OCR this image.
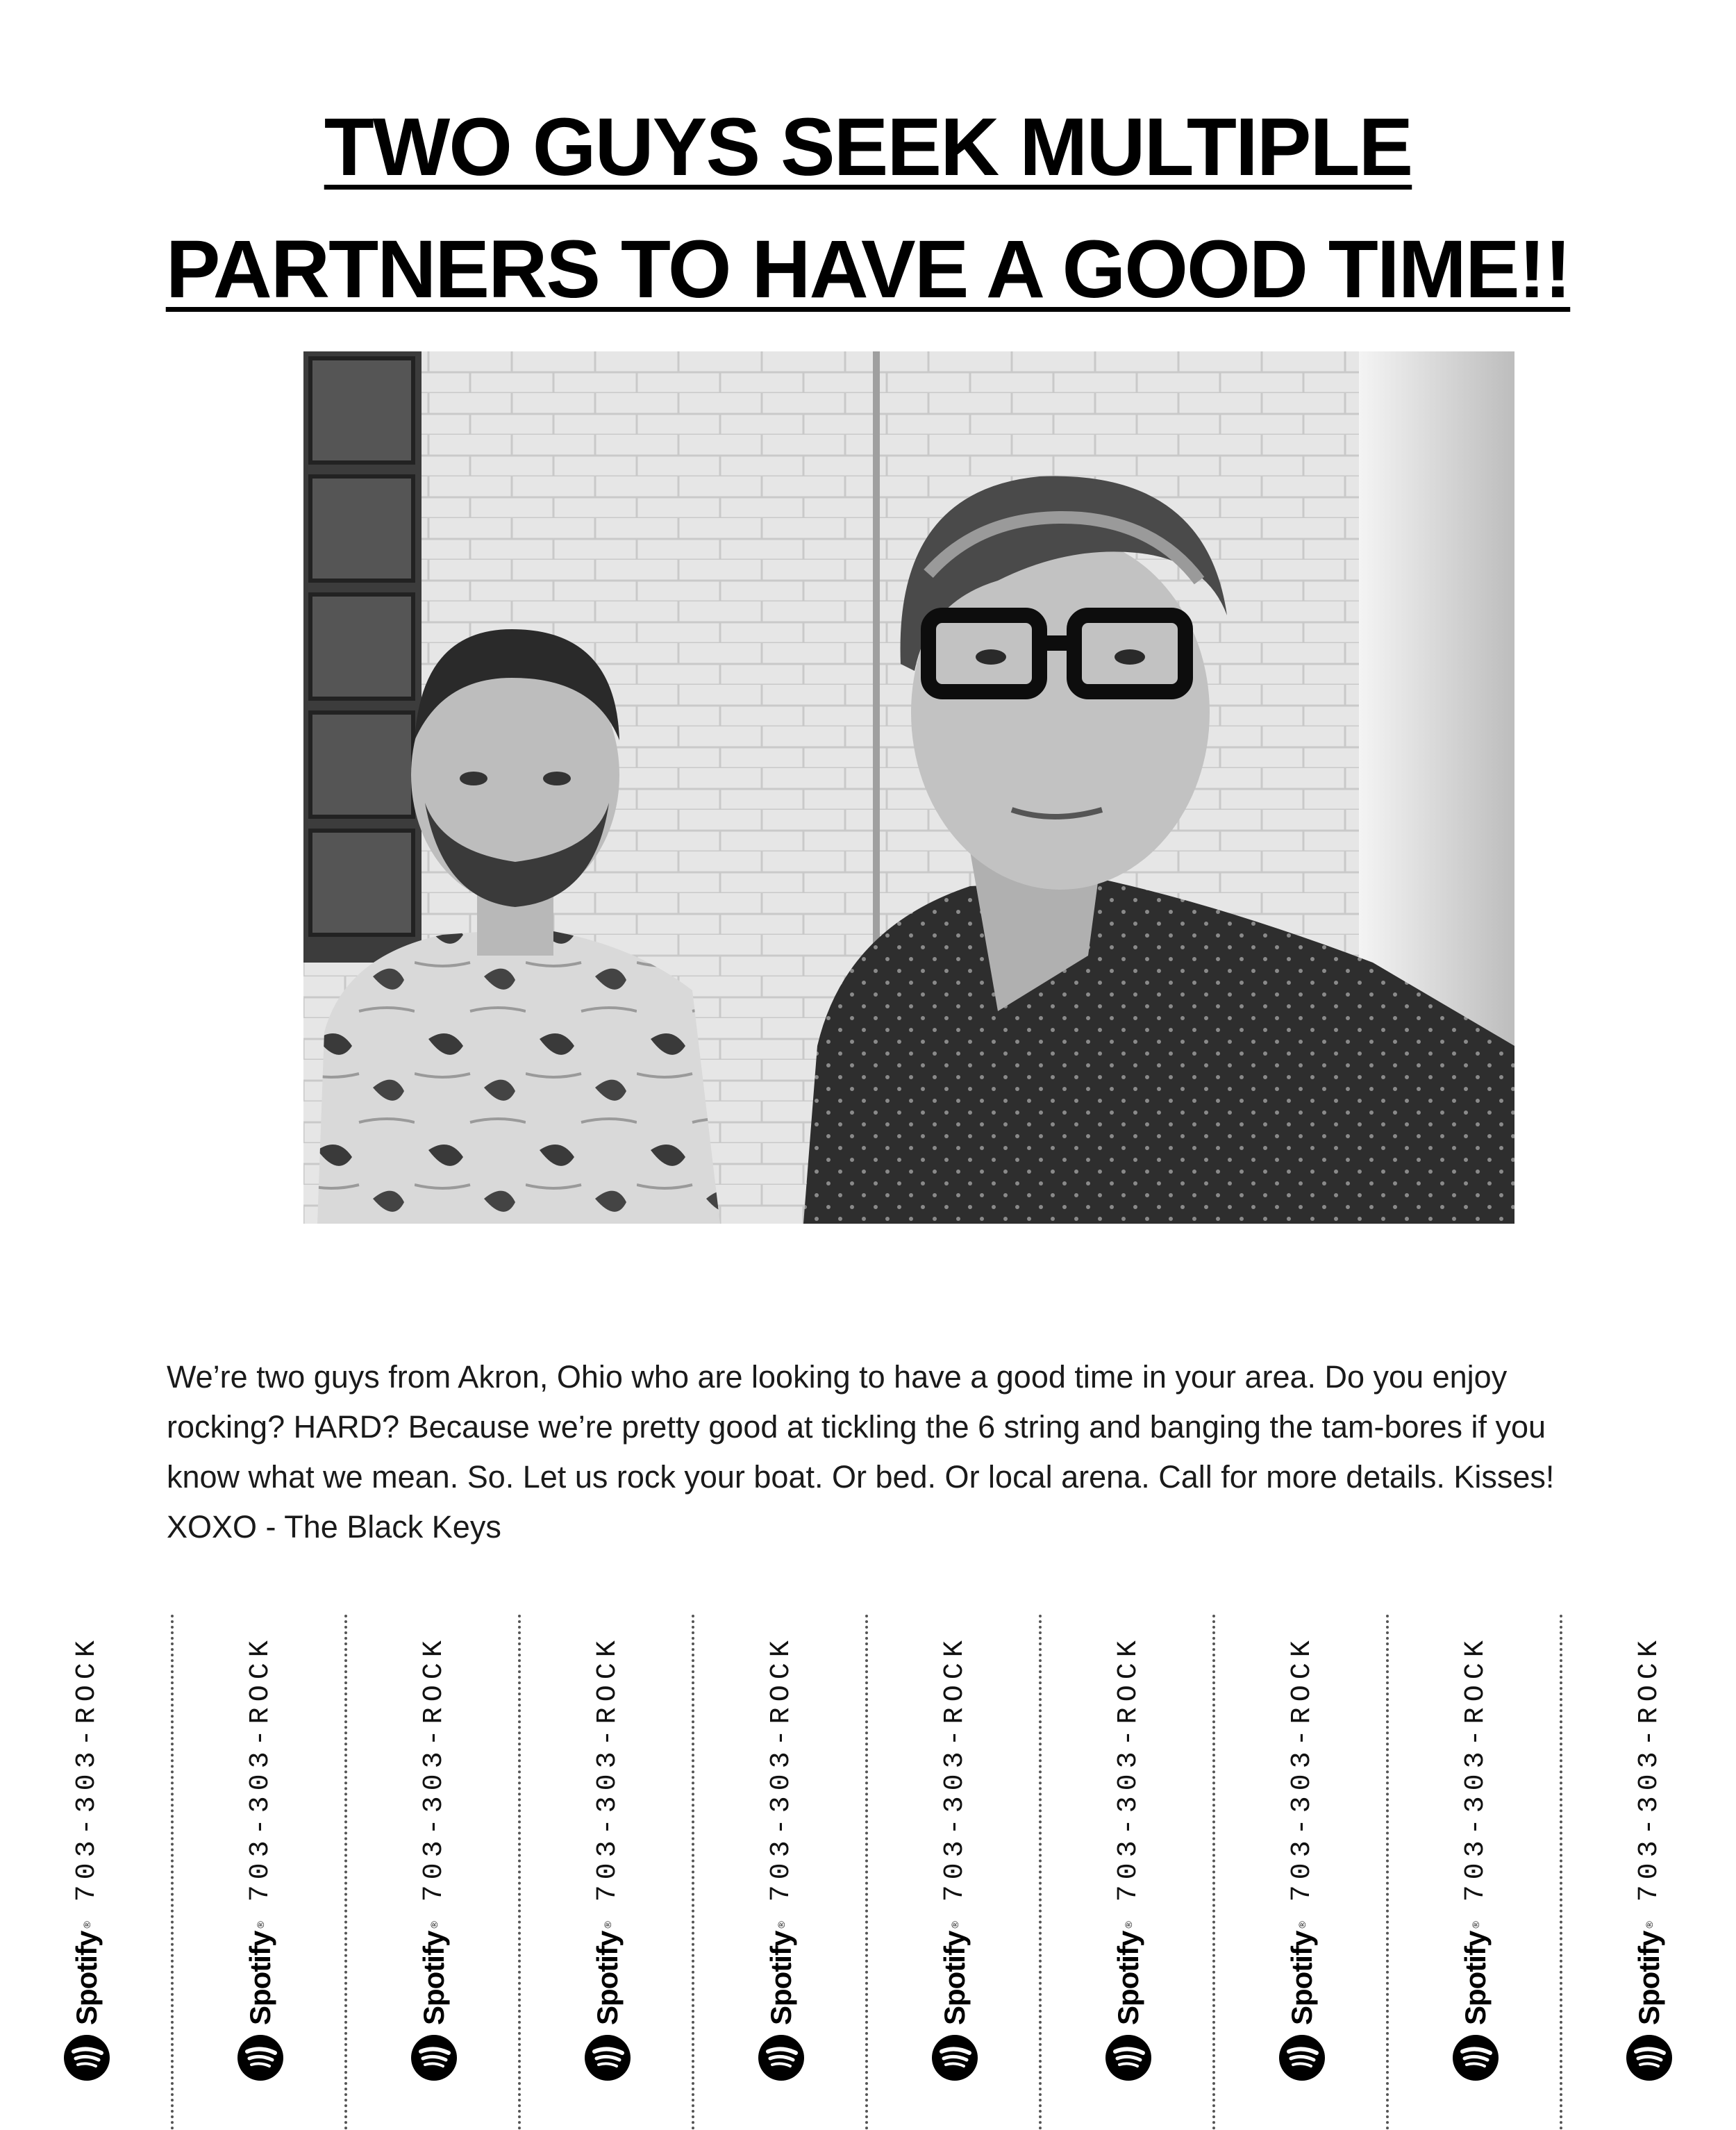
TWO GUYS SEEK MULTIPLE
PARTNERS TO HAVE A GOOD TIME!!

We’re two guys from Akron, Ohio who are looking to have a good time in your area. Do you enjoy rocking? HARD? Because we’re pretty good at tickling the 6 string and banging the tam-bores if you know what we mean. So. Let us rock your boat. Or bed. Or local arena. Call for more details. Kisses! XOXO - The Black Keys

Spotify
®
703-303-ROCK
Spotify
®
703-303-ROCK
Spotify
®
703-303-ROCK
Spotify
®
703-303-ROCK
Spotify
®
703-303-ROCK
Spotify
®
703-303-ROCK
Spotify
®
703-303-ROCK
Spotify
®
703-303-ROCK
Spotify
®
703-303-ROCK
Spotify
®
703-303-ROCK
